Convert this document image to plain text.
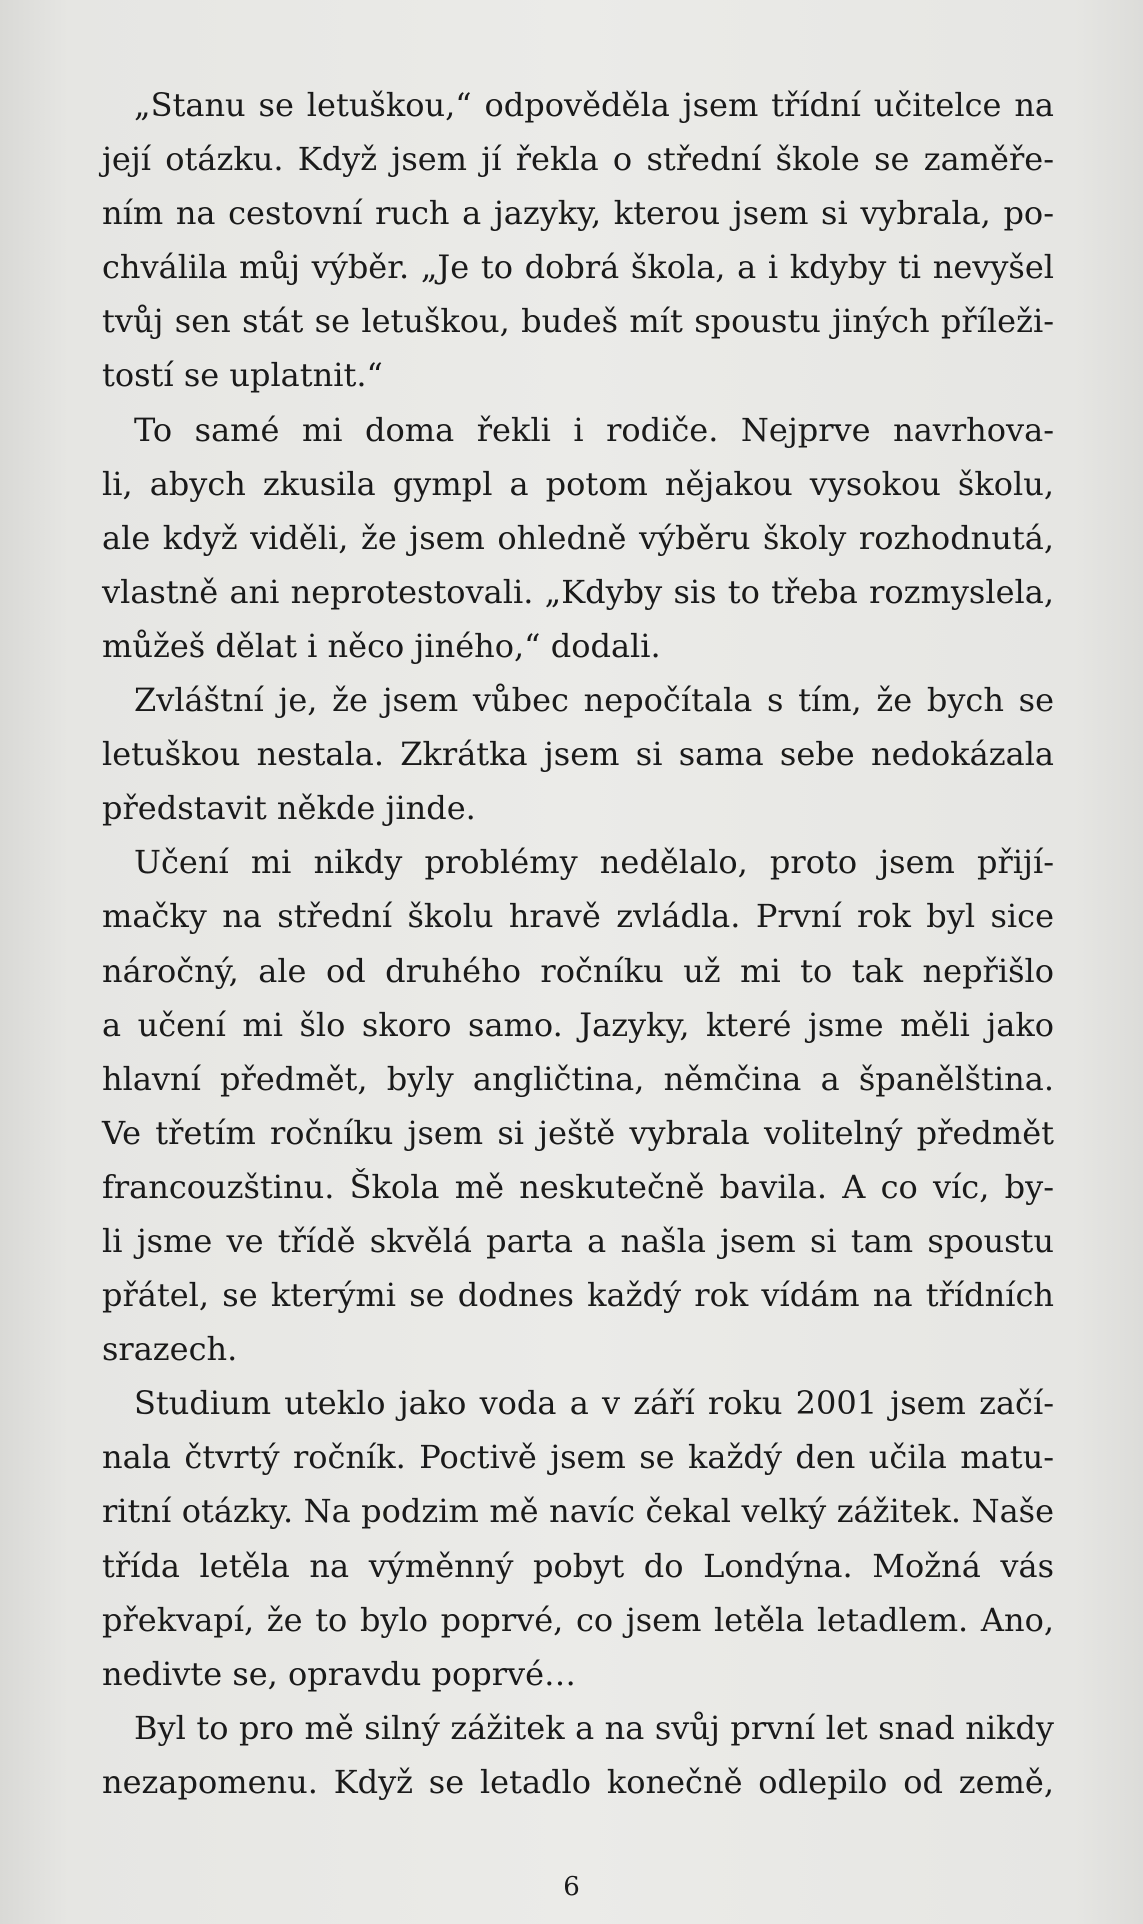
„Stanu se letuškou,“ odpověděla jsem třídní učitelce na
její otázku. Když jsem jí řekla o střední škole se zaměře-
ním na cestovní ruch a jazyky, kterou jsem si vybrala, po-
chválila můj výběr. „Je to dobrá škola, a i kdyby ti nevyšel
tvůj sen stát se letuškou, budeš mít spoustu jiných příleži-
tostí se uplatnit.“
To samé mi doma řekli i rodiče. Nejprve navrhova-
li, abych zkusila gympl a potom nějakou vysokou školu,
ale když viděli, že jsem ohledně výběru školy rozhodnutá,
vlastně ani neprotestovali. „Kdyby sis to třeba rozmyslela,
můžeš dělat i něco jiného,“ dodali.
Zvláštní je, že jsem vůbec nepočítala s tím, že bych se
letuškou nestala. Zkrátka jsem si sama sebe nedokázala
představit někde jinde.
Učení mi nikdy problémy nedělalo, proto jsem přijí-
mačky na střední školu hravě zvládla. První rok byl sice
náročný, ale od druhého ročníku už mi to tak nepřišlo
a učení mi šlo skoro samo. Jazyky, které jsme měli jako
hlavní předmět, byly angličtina, němčina a španělština.
Ve třetím ročníku jsem si ještě vybrala volitelný předmět
francouzštinu. Škola mě neskutečně bavila. A co víc, by-
li jsme ve třídě skvělá parta a našla jsem si tam spoustu
přátel, se kterými se dodnes každý rok vídám na třídních
srazech.
Studium uteklo jako voda a v září roku 2001 jsem začí-
nala čtvrtý ročník. Poctivě jsem se každý den učila matu-
ritní otázky. Na podzim mě navíc čekal velký zážitek. Naše
třída letěla na výměnný pobyt do Londýna. Možná vás
překvapí, že to bylo poprvé, co jsem letěla letadlem. Ano,
nedivte se, opravdu poprvé…
Byl to pro mě silný zážitek a na svůj první let snad nikdy
nezapomenu. Když se letadlo konečně odlepilo od země,
6
